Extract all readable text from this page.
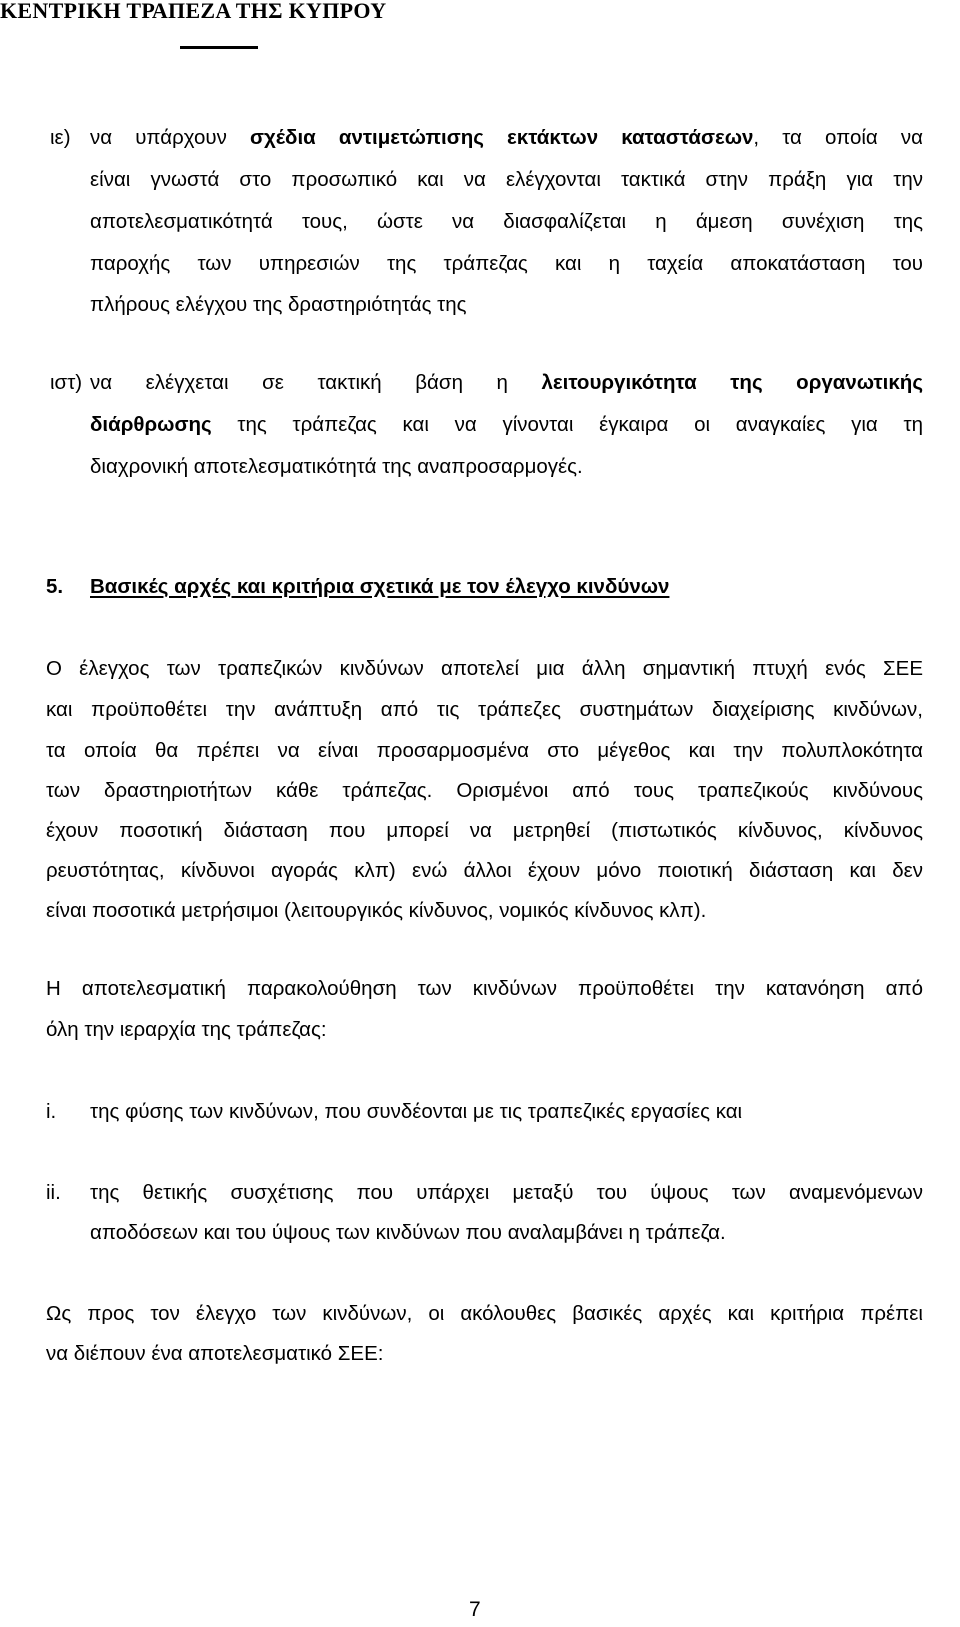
ΚΕΝΤΡΙΚΗ ΤΡΑΠΕΖΑ ΤΗΣ ΚΥΠΡΟΥ
ιε) να υπάρχουν σχέδια αντιμετώπισης εκτάκτων καταστάσεων, τα οποία να
είναι γνωστά στο προσωπικό και να ελέγχονται τακτικά στην πράξη για την
αποτελεσματικότητά τους, ώστε να διασφαλίζεται η άμεση συνέχιση της
παροχής των υπηρεσιών της τράπεζας και η ταχεία αποκατάσταση του
πλήρους ελέγχου της δραστηριότητάς της
ιστ) να ελέγχεται σε τακτική βάση η λειτουργικότητα της οργανωτικής
διάρθρωσης της τράπεζας και να γίνονται έγκαιρα οι αναγκαίες για τη
διαχρονική αποτελεσματικότητά της αναπροσαρμογές.
5. Βασικές αρχές και κριτήρια σχετικά με τον έλεγχο κινδύνων
Ο έλεγχος των τραπεζικών κινδύνων αποτελεί μια άλλη σημαντική πτυχή ενός ΣΕΕ
και προϋποθέτει την ανάπτυξη από τις τράπεζες συστημάτων διαχείρισης κινδύνων,
τα οποία θα πρέπει να είναι προσαρμοσμένα στο μέγεθος και την πολυπλοκότητα
των δραστηριοτήτων κάθε τράπεζας. Ορισμένοι από τους τραπεζικούς κινδύνους
έχουν ποσοτική διάσταση που μπορεί να μετρηθεί (πιστωτικός κίνδυνος, κίνδυνος
ρευστότητας, κίνδυνοι αγοράς κλπ) ενώ άλλοι έχουν μόνο ποιοτική διάσταση και δεν
είναι ποσοτικά μετρήσιμοι (λειτουργικός κίνδυνος, νομικός κίνδυνος κλπ).
Η αποτελεσματική παρακολούθηση των κινδύνων προϋποθέτει την κατανόηση από
όλη την ιεραρχία της τράπεζας:
i. της φύσης των κινδύνων, που συνδέονται με τις τραπεζικές εργασίες και
ii. της θετικής συσχέτισης που υπάρχει μεταξύ του ύψους των αναμενόμενων
αποδόσεων και του ύψους των κινδύνων που αναλαμβάνει η τράπεζα.
Ως προς τον έλεγχο των κινδύνων, οι ακόλουθες βασικές αρχές και κριτήρια πρέπει
να διέπουν ένα αποτελεσματικό ΣΕΕ:
7
